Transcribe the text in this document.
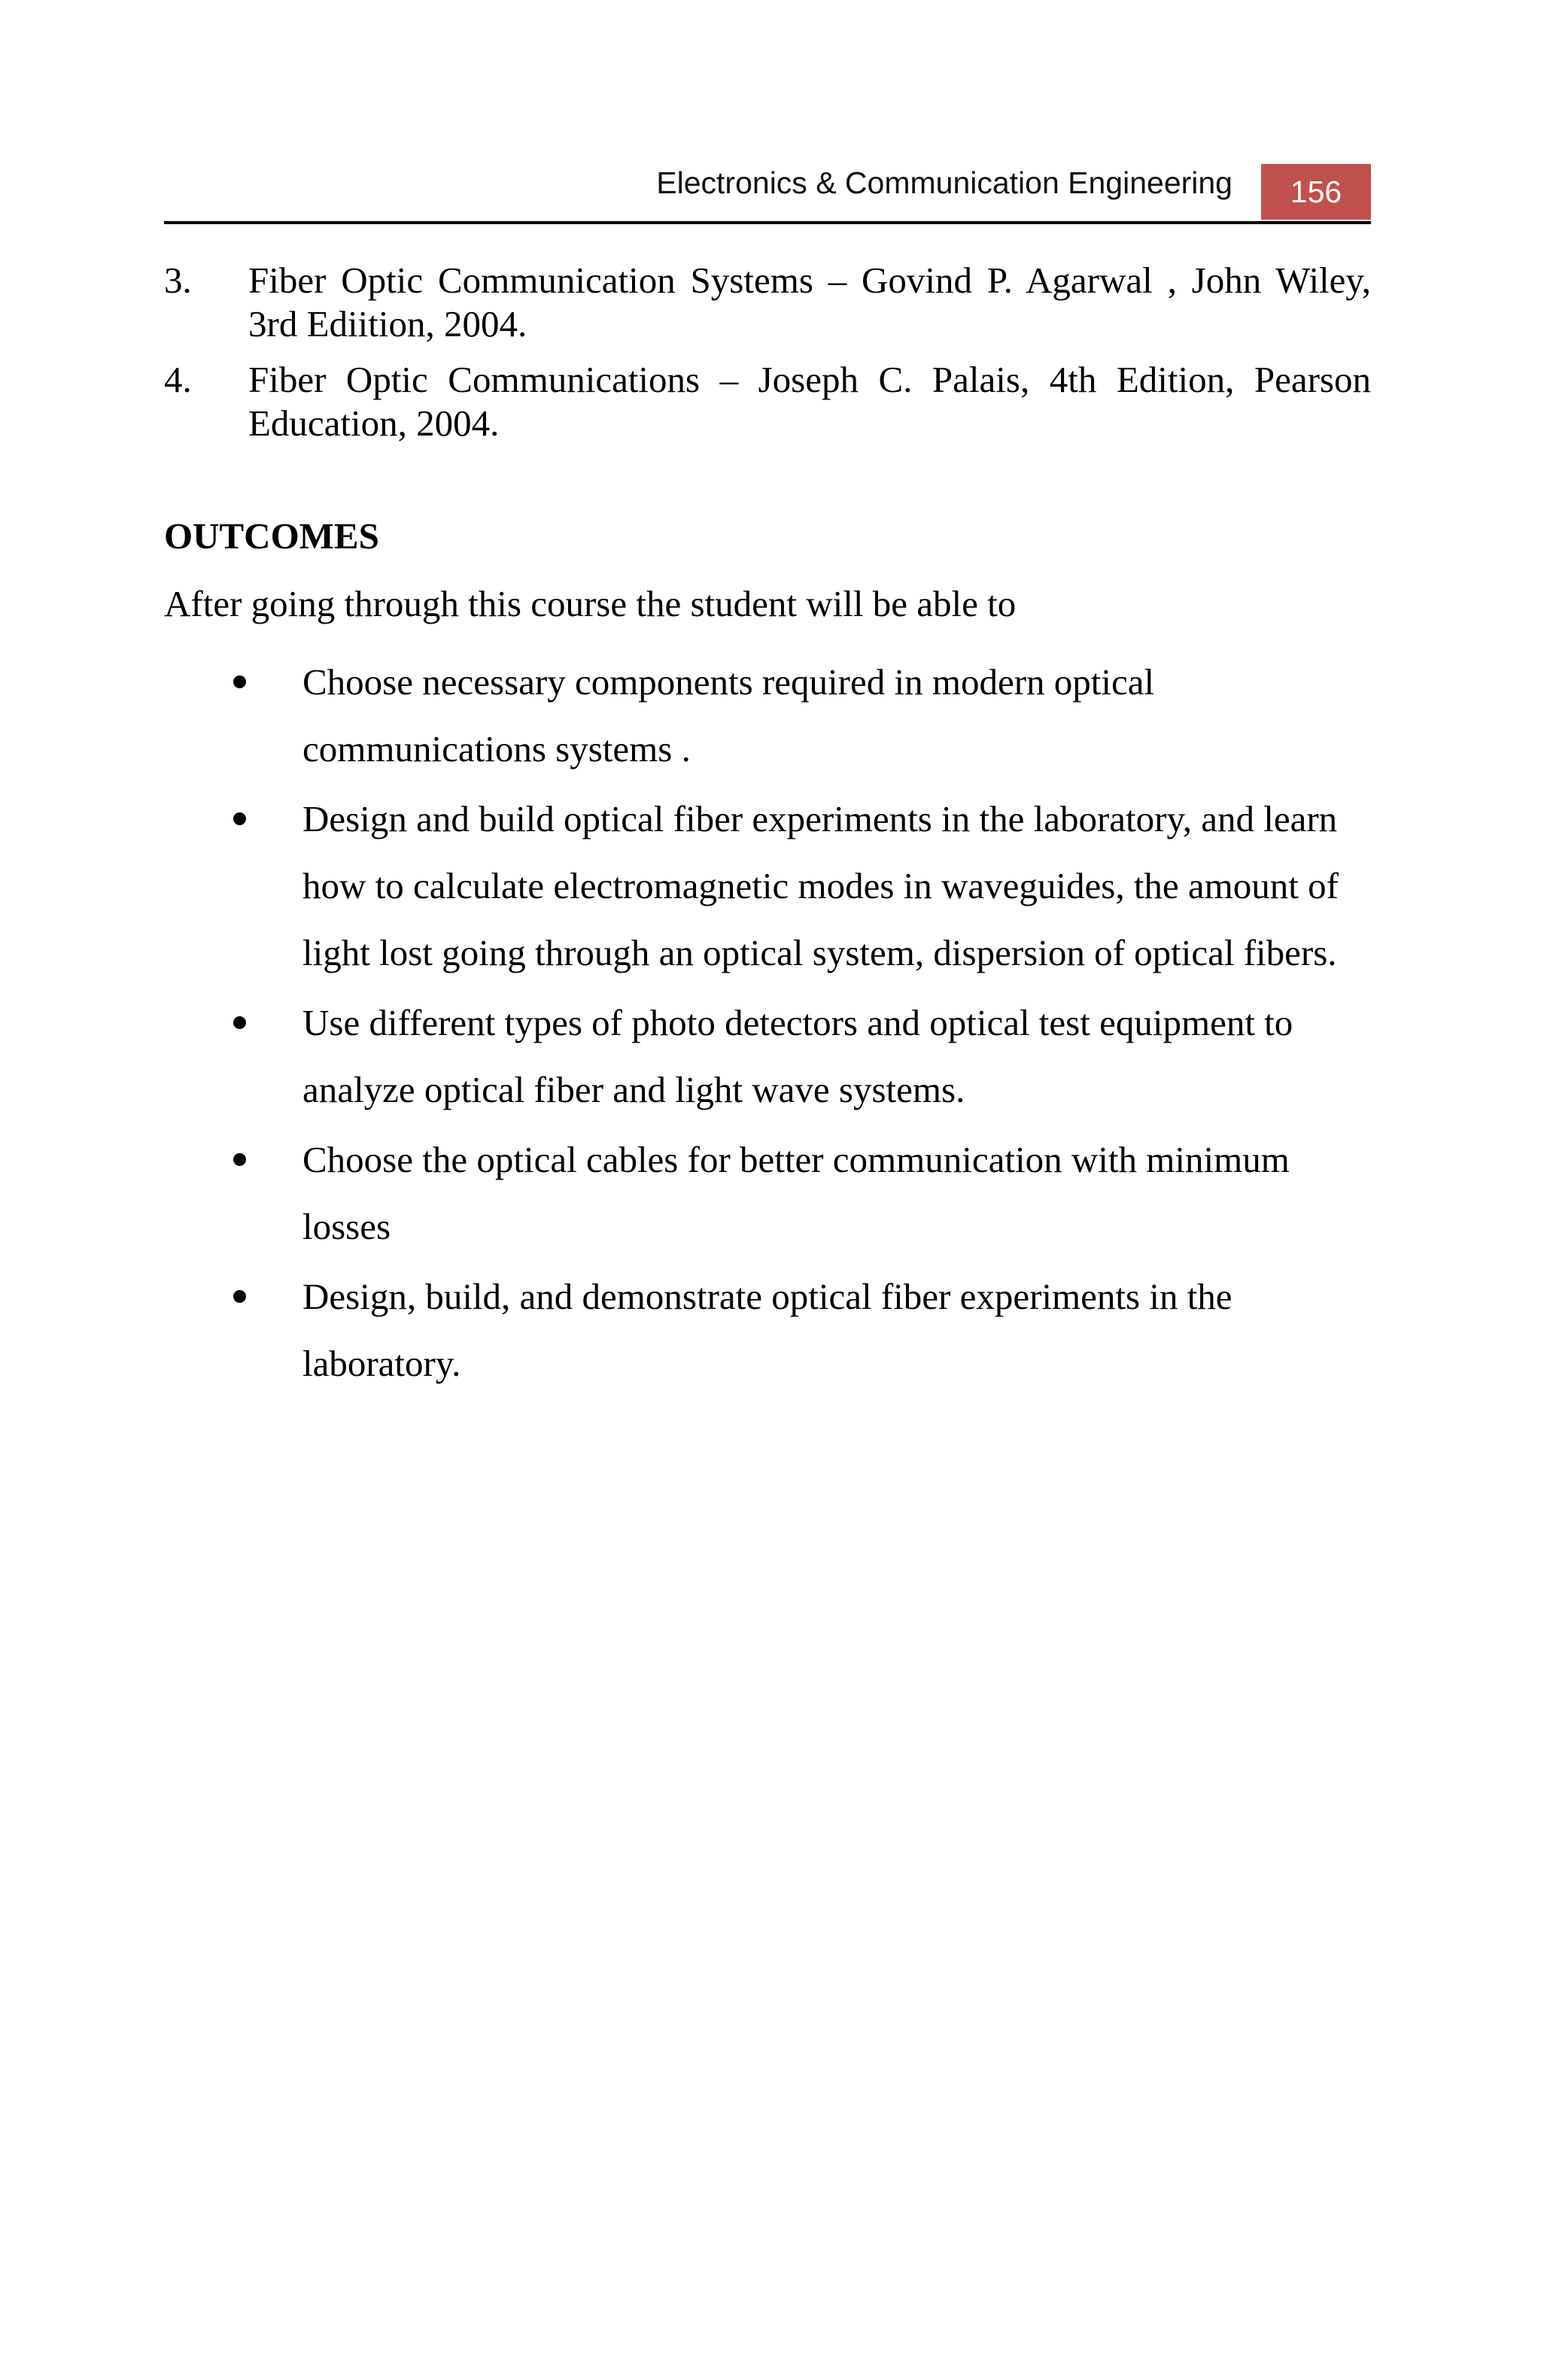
Electronics & Communication Engineering	156
3. Fiber Optic Communication Systems – Govind P. Agarwal , John Wiley, 3rd Ediition, 2004.
4. Fiber Optic Communications – Joseph C. Palais, 4th Edition, Pearson Education, 2004.
OUTCOMES
After going through this course the student will be able to
Choose necessary components required in modern optical communications systems .
Design and build optical fiber experiments in the laboratory, and learn how to calculate electromagnetic modes in waveguides, the amount of light lost going through an optical system, dispersion of optical fibers.
Use different types of photo detectors and optical test equipment to analyze optical fiber and light wave systems.
Choose the optical cables for better communication with minimum losses
Design, build, and demonstrate optical fiber experiments in the laboratory.
